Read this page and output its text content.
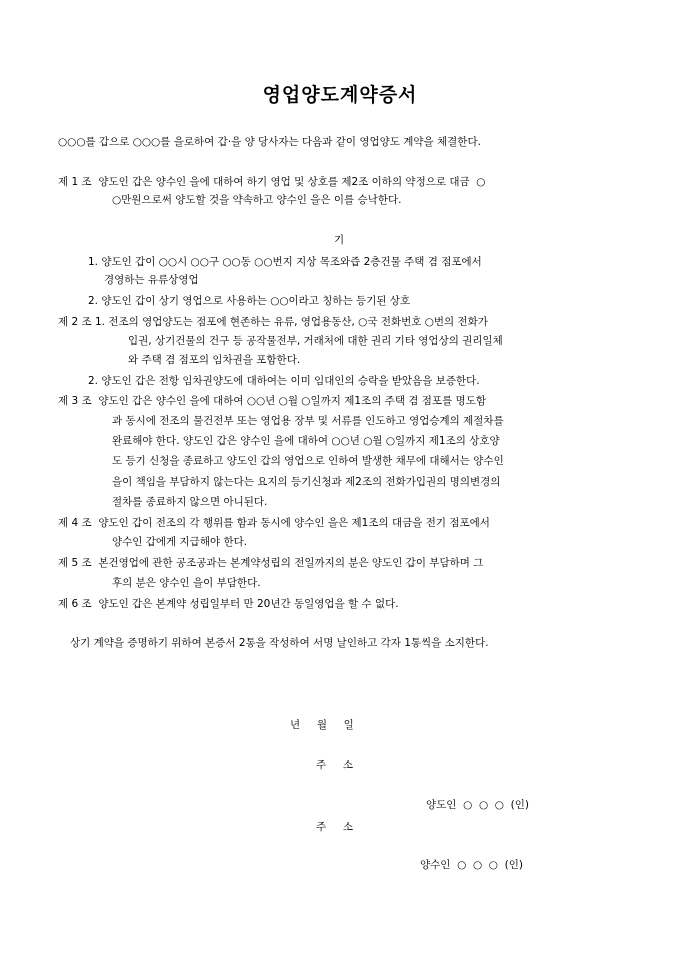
영업양도계약증서
○○○를 갑으로 ○○○를 을로하여 갑·을 양 당사자는 다음과 같이 영업양도 계약을 체결한다.
제 1 조  양도인 갑은 양수인 을에 대하여 하기 영업 및 상호를 제2조 이하의 약정으로 대금  ○
○만원으로써 양도할 것을 약속하고 양수인 을은 이를 승낙한다.
기
1. 양도인 갑이 ○○시 ○○구 ○○동 ○○번지 지상 목조와즙 2층건물 주택 겸 점포에서
경영하는 유류상영업
2. 양도인 갑이 상기 영업으로 사용하는 ○○이라고 칭하는 등기된 상호
제 2 조 1. 전조의 영업양도는 점포에 현존하는 유류, 영업용동산, ○국 전화번호 ○번의 전화가
입권, 상기건물의 건구 등 공작물전부, 거래처에 대한 권리 기타 영업상의 권리일체
와 주택 겸 점포의 임차권을 포함한다.
2. 양도인 갑은 전항 임차권양도에 대하여는 이미 임대인의 승락을 받았음을 보증한다.
제 3 조  양도인 갑은 양수인 을에 대하여 ○○년 ○월 ○일까지 제1조의 주택 겸 점포를 명도함
과 동시에 전조의 물건전부 또는 영업용 장부 및 서류를 인도하고 영업승계의 제절차를
완료해야 한다. 양도인 갑은 양수인 을에 대하여 ○○년 ○월 ○일까지 제1조의 상호양
도 등기 신청을 종료하고 양도인 갑의 영업으로 인하여 발생한 채무에 대해서는 양수인
을이 책임을 부담하지 않는다는 요지의 등기신청과 제2조의 전화가입권의 명의변경의
절차를 종료하지 않으면 아니된다.
제 4 조  양도인 갑이 전조의 각 행위를 함과 동시에 양수인 을은 제1조의 대금을 전기 점포에서
양수인 갑에게 지급해야 한다.
제 5 조  본건영업에 관한 공조공과는 본계약성립의 전일까지의 분은 양도인 갑이 부담하며 그
후의 분은 양수인 을이 부담한다.
제 6 조  양도인 갑은 본계약 성립일부터 만 20년간 동일영업을 할 수 없다.
상기 계약을 증명하기 위하여 본증서 2통을 작성하여 서명 날인하고 각자 1통씩을 소지한다.
년     월     일
주     소
양도인  ○  ○  ○  (인)
주     소
양수인  ○  ○  ○  (인)
